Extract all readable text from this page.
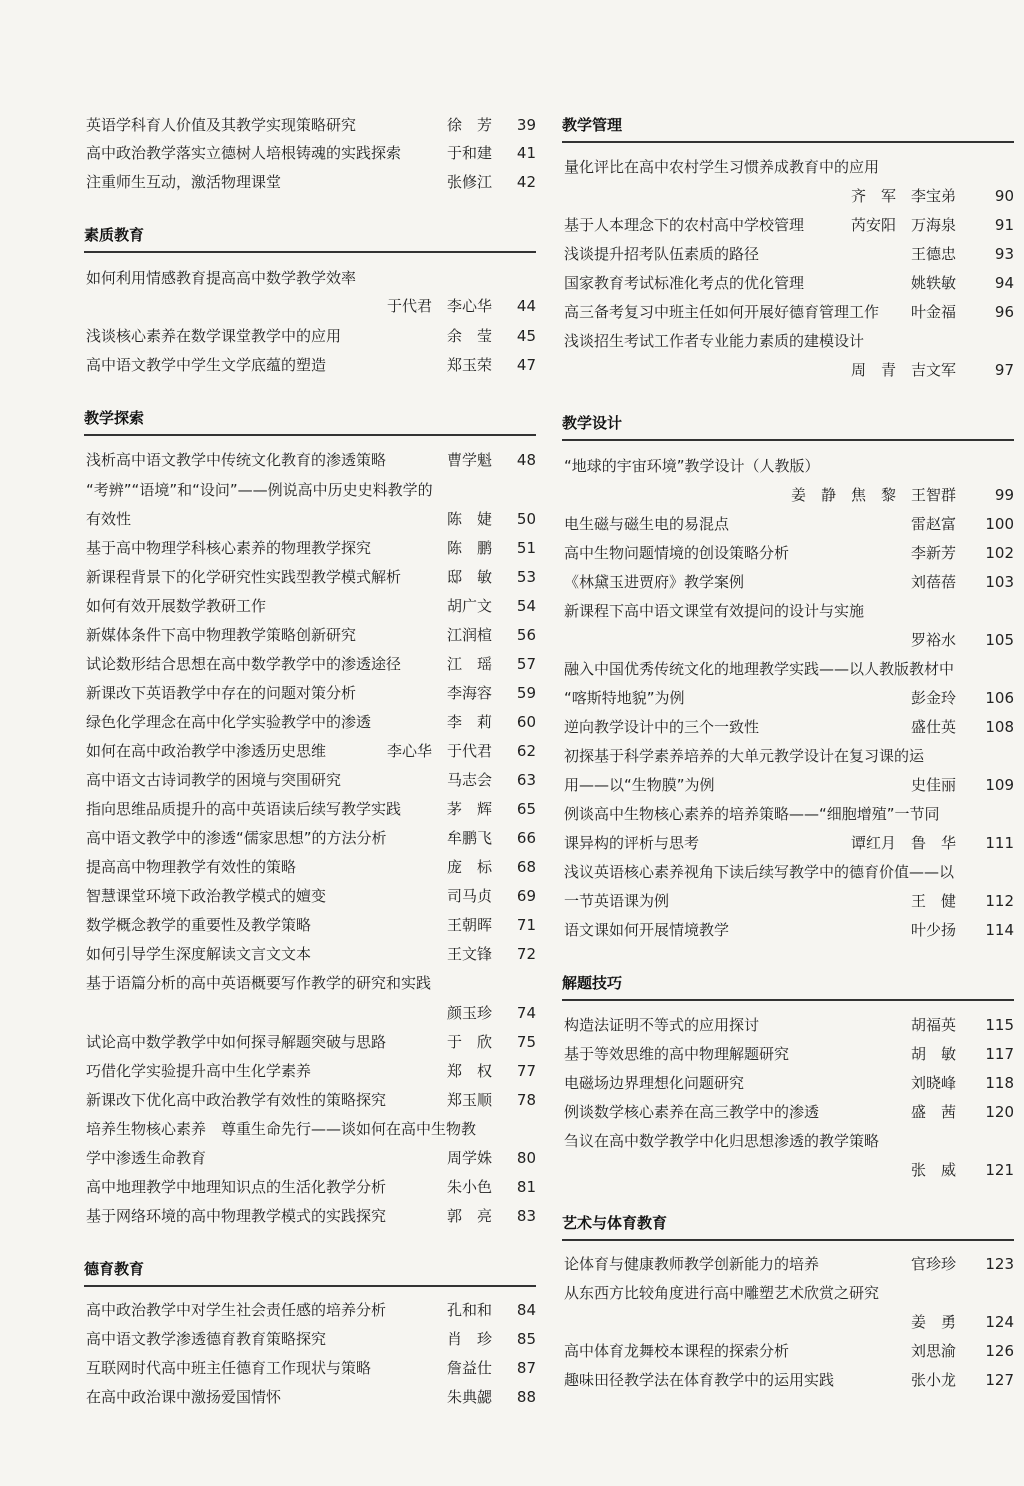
英语学科育人价值及其教学实现策略研究	徐　芳 39
高中政治教学落实立德树人培根铸魂的实践探索	于和建 41
注重师生互动，激活物理课堂	张修江 42
素质教育
如何利用情感教育提高高中数学教学效率
于代君　李心华 44
浅谈核心素养在数学课堂教学中的应用	余　莹 45
高中语文教学中学生文学底蕴的塑造	郑玉荣 47
教学探索
浅析高中语文教学中传统文化教育的渗透策略	曹学魁 48
“考辨”“语境”和“设问”——例说高中历史史料教学的
有效性	陈　婕 50
基于高中物理学科核心素养的物理教学探究	陈　鹏 51
新课程背景下的化学研究性实践型教学模式解析	邸　敏 53
如何有效开展数学教研工作	胡广文 54
新媒体条件下高中物理教学策略创新研究	江润楦 56
试论数形结合思想在高中数学教学中的渗透途径	江　瑶 57
新课改下英语教学中存在的问题对策分析	李海容 59
绿色化学理念在高中化学实验教学中的渗透	李　莉 60
如何在高中政治教学中渗透历史思维	李心华　于代君 62
高中语文古诗词教学的困境与突围研究	马志会 63
指向思维品质提升的高中英语读后续写教学实践	茅　辉 65
高中语文教学中的渗透“儒家思想”的方法分析	牟鹏飞 66
提高高中物理教学有效性的策略	庞　标 68
智慧课堂环境下政治教学模式的嬗变	司马贞 69
数学概念教学的重要性及教学策略	王朝晖 71
如何引导学生深度解读文言文文本	王文锋 72
基于语篇分析的高中英语概要写作教学的研究和实践
颜玉珍 74
试论高中数学教学中如何探寻解题突破与思路	于　欣 75
巧借化学实验提升高中生化学素养	郑　权 77
新课改下优化高中政治教学有效性的策略探究	郑玉顺 78
培养生物核心素养　尊重生命先行——谈如何在高中生物教
学中渗透生命教育	周学姝 80
高中地理教学中地理知识点的生活化教学分析	朱小色 81
基于网络环境的高中物理教学模式的实践探究	郭　亮 83
德育教育
高中政治教学中对学生社会责任感的培养分析	孔和和 84
高中语文教学渗透德育教育策略探究	肖　珍 85
互联网时代高中班主任德育工作现状与策略	詹益仕 87
在高中政治课中激扬爱国情怀	朱典勰 88
教学管理
量化评比在高中农村学生习惯养成教育中的应用
齐　军　李宝弟	90
基于人本理念下的农村高中学校管理	芮安阳　万海泉	91
浅谈提升招考队伍素质的路径	王德忠	93
国家教育考试标准化考点的优化管理	姚轶敏	94
高三备考复习中班主任如何开展好德育管理工作 叶金福	96
浅谈招生考试工作者专业能力素质的建模设计
周　青　吉文军	97
教学设计
“地球的宇宙环境”教学设计（人教版）
姜　静　焦　黎　王智群	99
电生磁与磁生电的易混点	雷赵富 100
高中生物问题情境的创设策略分析	李新芳 102
《林黛玉进贾府》教学案例	刘蓓蓓 103
新课程下高中语文课堂有效提问的设计与实施
罗裕水 105
融入中国优秀传统文化的地理教学实践——以人教版教材中
“喀斯特地貌”为例	彭金玲 106
逆向教学设计中的三个一致性	盛仕英 108
初探基于科学素养培养的大单元教学设计在复习课的运
用——以“生物膜”为例	史佳丽 109
例谈高中生物核心素养的培养策略——“细胞增殖”一节同
课异构的评析与思考	谭红月　鲁　华 111
浅议英语核心素养视角下读后续写教学中的德育价值——以
一节英语课为例	王　健 112
语文课如何开展情境教学	叶少扬 114
解题技巧
构造法证明不等式的应用探讨	胡福英 115
基于等效思维的高中物理解题研究	胡　敏 117
电磁场边界理想化问题研究	刘晓峰 118
例谈数学核心素养在高三教学中的渗透	盛　茜 120
刍议在高中数学教学中化归思想渗透的教学策略
张　威 121
艺术与体育教育
论体育与健康教师教学创新能力的培养	官珍珍 123
从东西方比较角度进行高中雕塑艺术欣赏之研究
姜　勇 124
高中体育龙舞校本课程的探索分析	刘思渝 126
趣味田径教学法在体育教学中的运用实践	张小龙 127
